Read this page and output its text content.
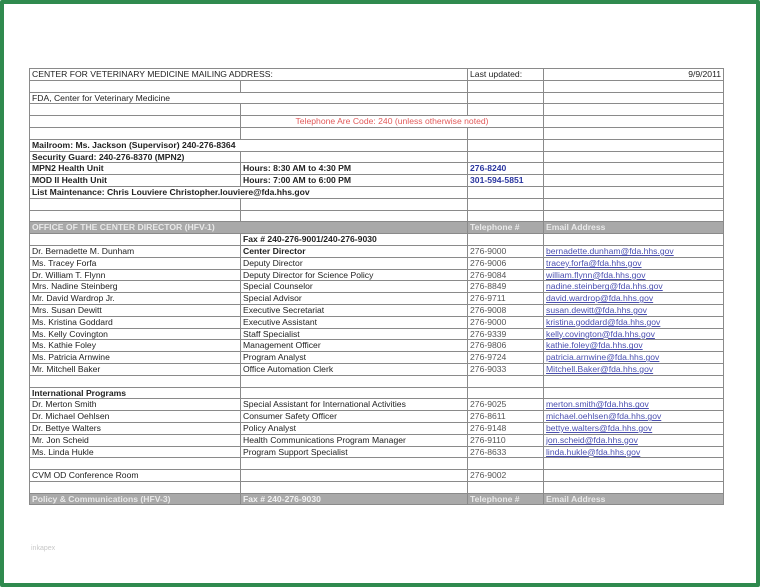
CENTER FOR VETERINARY MEDICINE MAILING ADDRESS:		Last updated:	9/9/2011

FDA, Center for Veterinary Medicine			

	Telephone Are Code: 240 (unless otherwise noted)		

Mailroom: Ms. Jackson (Supervisor) 240-276-8364			
Security Guard: 240-276-8370 (MPN2)			
MPN2 Health Unit	Hours: 8:30 AM to 4:30 PM	276-8240	
MOD II Health Unit	Hours: 7:00 AM to 6:00 PM	301-594-5851	
List Maintenance: Chris Louviere Christopher.louviere@fda.hhs.gov			

OFFICE OF THE CENTER DIRECTOR (HFV-1)		Telephone #	Email Address
	Fax # 240-276-9001/240-276-9030		
Dr. Bernadette M. Dunham	Center Director	276-9000	bernadette.dunham@fda.hhs.gov
Ms. Tracey Forfa	Deputy Director	276-9006	tracey.forfa@fda.hhs.gov
Dr. William T. Flynn	Deputy Director for Science Policy	276-9084	william.flynn@fda.hhs.gov
Mrs. Nadine Steinberg	Special Counselor	276-8849	nadine.steinberg@fda.hhs.gov
Mr. David Wardrop Jr.	Special Advisor	276-9711	david.wardrop@fda.hhs.gov
Mrs. Susan Dewitt	Executive Secretariat	276-9008	susan.dewitt@fda.hhs.gov
Ms. Kristina Goddard	Executive Assistant	276-9000	kristina.goddard@fda.hhs.gov
Ms. Kelly Covington	Staff Specialist	276-9339	kelly.covington@fda.hhs.gov
Ms. Kathie Foley	Management Officer	276-9806	kathie.foley@fda.hhs.gov
Ms. Patricia Arnwine	Program Analyst	276-9724	patricia.arnwine@fda.hhs.gov
Mr. Mitchell Baker	Office Automation Clerk	276-9033	Mitchell.Baker@fda.hhs.gov

International Programs			
Dr. Merton Smith	Special Assistant for International Activities	276-9025	merton.smith@fda.hhs.gov
Dr. Michael Oehlsen	Consumer Safety Officer	276-8611	michael.oehlsen@fda.hhs.gov
Dr. Bettye Walters	Policy Analyst	276-9148	bettye.walters@fda.hhs.gov
Mr. Jon Scheid	Health Communications Program Manager	276-9110	jon.scheid@fda.hhs.gov
Ms. Linda Hukle	Program Support Specialist	276-8633	linda.hukle@fda.hhs.gov

CVM OD Conference Room		276-9002	

Policy & Communications (HFV-3)	Fax # 240-276-9030	Telephone #	Email Address
inkapex
